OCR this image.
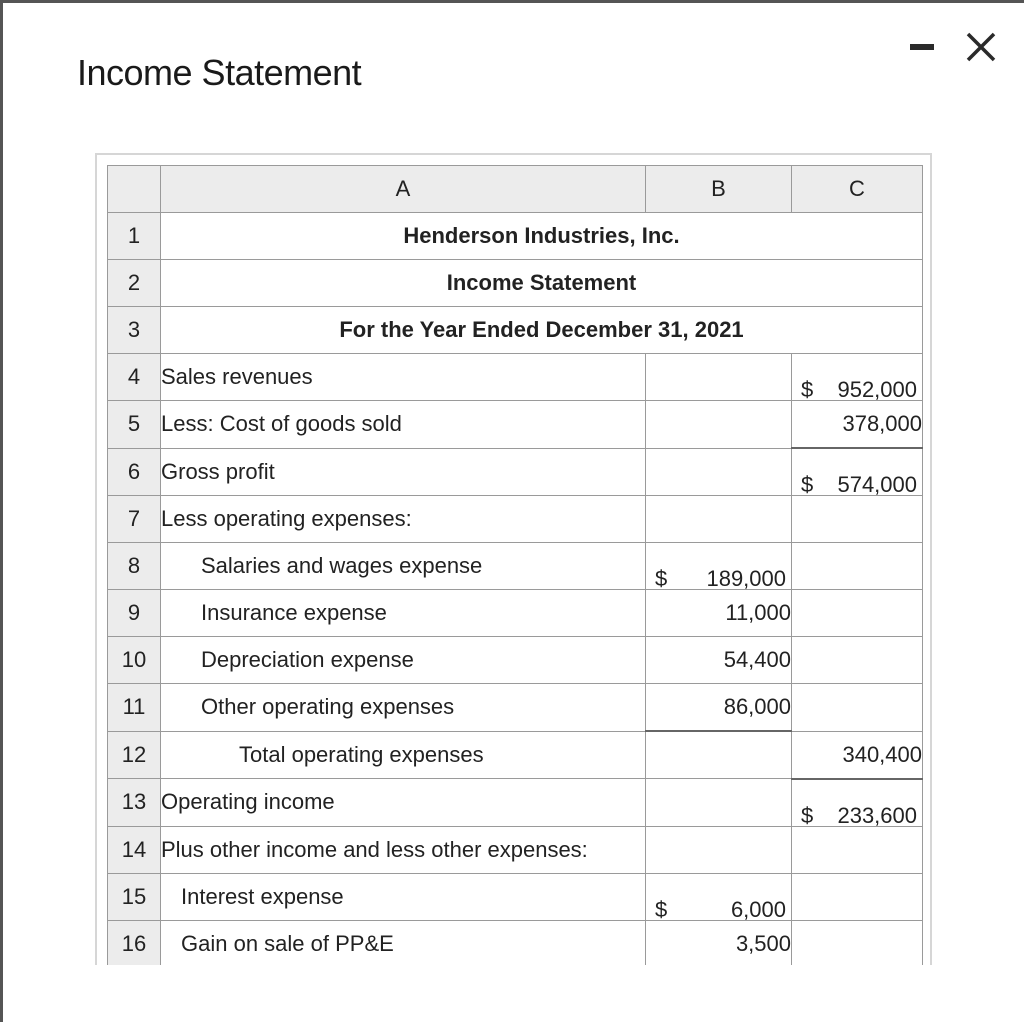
Income Statement
	A	B	C
1	Henderson Industries, Inc.		
2	Income Statement		
3	For the Year Ended December 31, 2021		
4	Sales revenues		$ 952,000

5	Less: Cost of goods sold		378,000
6	Gross profit		$ 574,000

7	Less operating expenses:		
8	Salaries and wages expense	$ 189,000	

9	Insurance expense	11,000	
10	Depreciation expense	54,400	
11	Other operating expenses	86,000	
12	Total operating expenses		340,400
13	Operating income		$ 233,600

14	Plus other income and less other expenses:		
15	Interest expense	$ 6,000	

16	Gain on sale of PP&E	3,500	
